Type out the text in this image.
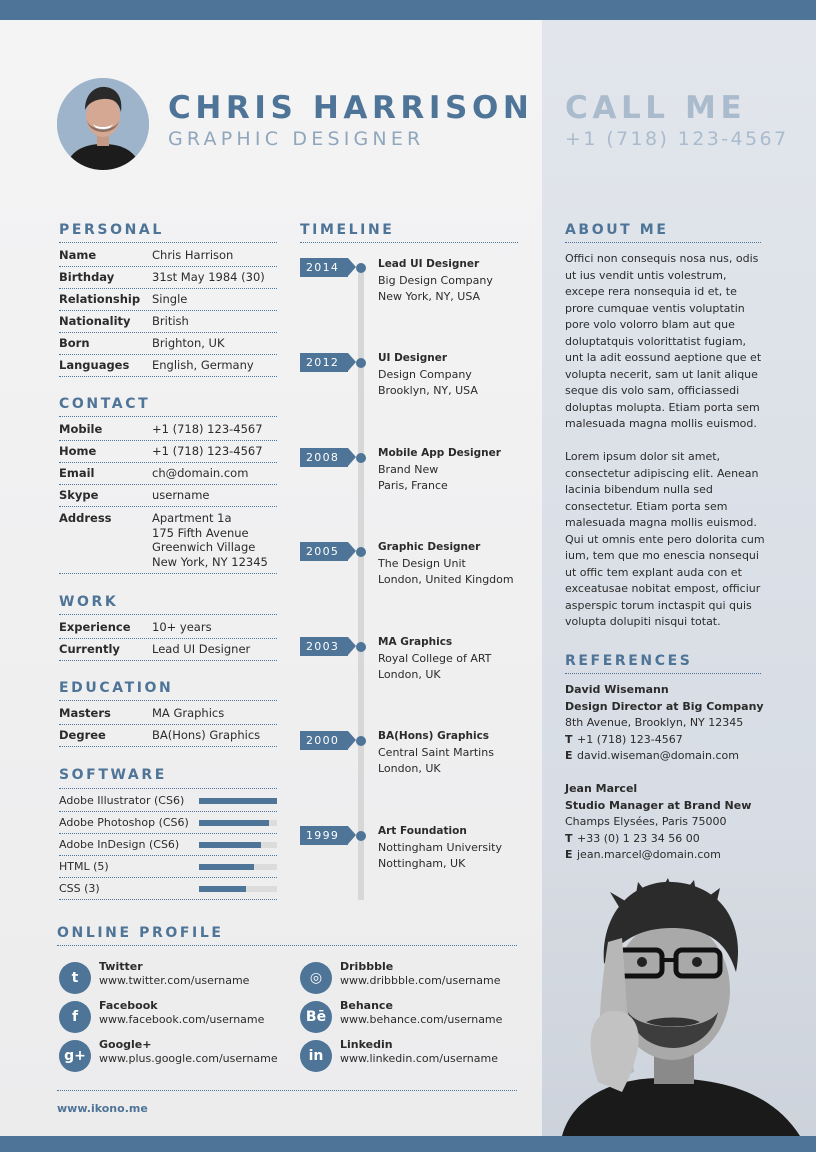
CHRIS HARRISON
GRAPHIC DESIGNER
CALL ME
+1 (718) 123-4567
PERSONAL
Name	Chris Harrison
Birthday	31st May 1984 (30)
Relationship Single
Nationality British
Born	Brighton, UK
Languages English, Germany
CONTACT
Mobile	+1 (718) 123-4567
Home	+1 (718) 123-4567
Email	ch@domain.com
Skype	username
Address	Apartment 1a
175 Fifth Avenue
Greenwich Village
New York, NY 12345
WORK
Experience 10+ years
Currently	Lead UI Designer
EDUCATION
Masters	MA Graphics
Degree	BA(Hons) Graphics
SOFTWARE
Adobe Illustrator (CS6)
Adobe Photoshop (CS6)
Adobe InDesign (CS6)
HTML (5)
CSS (3)
TIMELINE
2014	Lead UI Designer
Big Design Company
New York, NY, USA
2012	UI Designer
Design Company
Brooklyn, NY, USA
2008	Mobile App Designer
Brand New
Paris, France
2005	Graphic Designer
The Design Unit
London, United Kingdom
2003	MA Graphics
Royal College of ART
London, UK
2000	BA(Hons) Graphics
Central Saint Martins
London, UK
1999	Art Foundation
Nottingham University
Nottingham, UK
ABOUT ME
Offici non consequis nosa nus, odis ut ius vendit untis volestrum, excepe rera nonsequia id et, te prore cumquae ventis voluptatin pore volo volorro blam aut que doluptatquis volorittatist fugiam, unt la adit eossund aeptione que et volupta necerit, sam ut lanit alique seque dis volo sam, officiassedi doluptas molupta. Etiam porta sem malesuada magna mollis euismod.
Lorem ipsum dolor sit amet, consectetur adipiscing elit. Aenean lacinia bibendum nulla sed consectetur. Etiam porta sem malesuada magna mollis euismod. Qui ut omnis ente pero dolorita cum ium, tem que mo enescia nonsequi ut offic tem explant auda con et exceatusae nobitat empost, officiur asperspic torum inctaspit qui quis volupta dolupiti nisqui totat.
REFERENCES
David Wisemann
Design Director at Big Company
8th Avenue, Brooklyn, NY 12345
T +1 (718) 123-4567
E david.wiseman@domain.com
Jean Marcel
Studio Manager at Brand New
Champs Elysées, Paris 75000
T +33 (0) 1 23 34 56 00
E jean.marcel@domain.com
ONLINE PROFILE
t
Twitter
www.twitter.com/username
f
Facebook
www.facebook.com/username
g+
Google+
www.plus.google.com/username
◎
Dribbble
www.dribbble.com/username
Bē
Behance
www.behance.com/username
in
Linkedin
www.linkedin.com/username
www.ikono.me
